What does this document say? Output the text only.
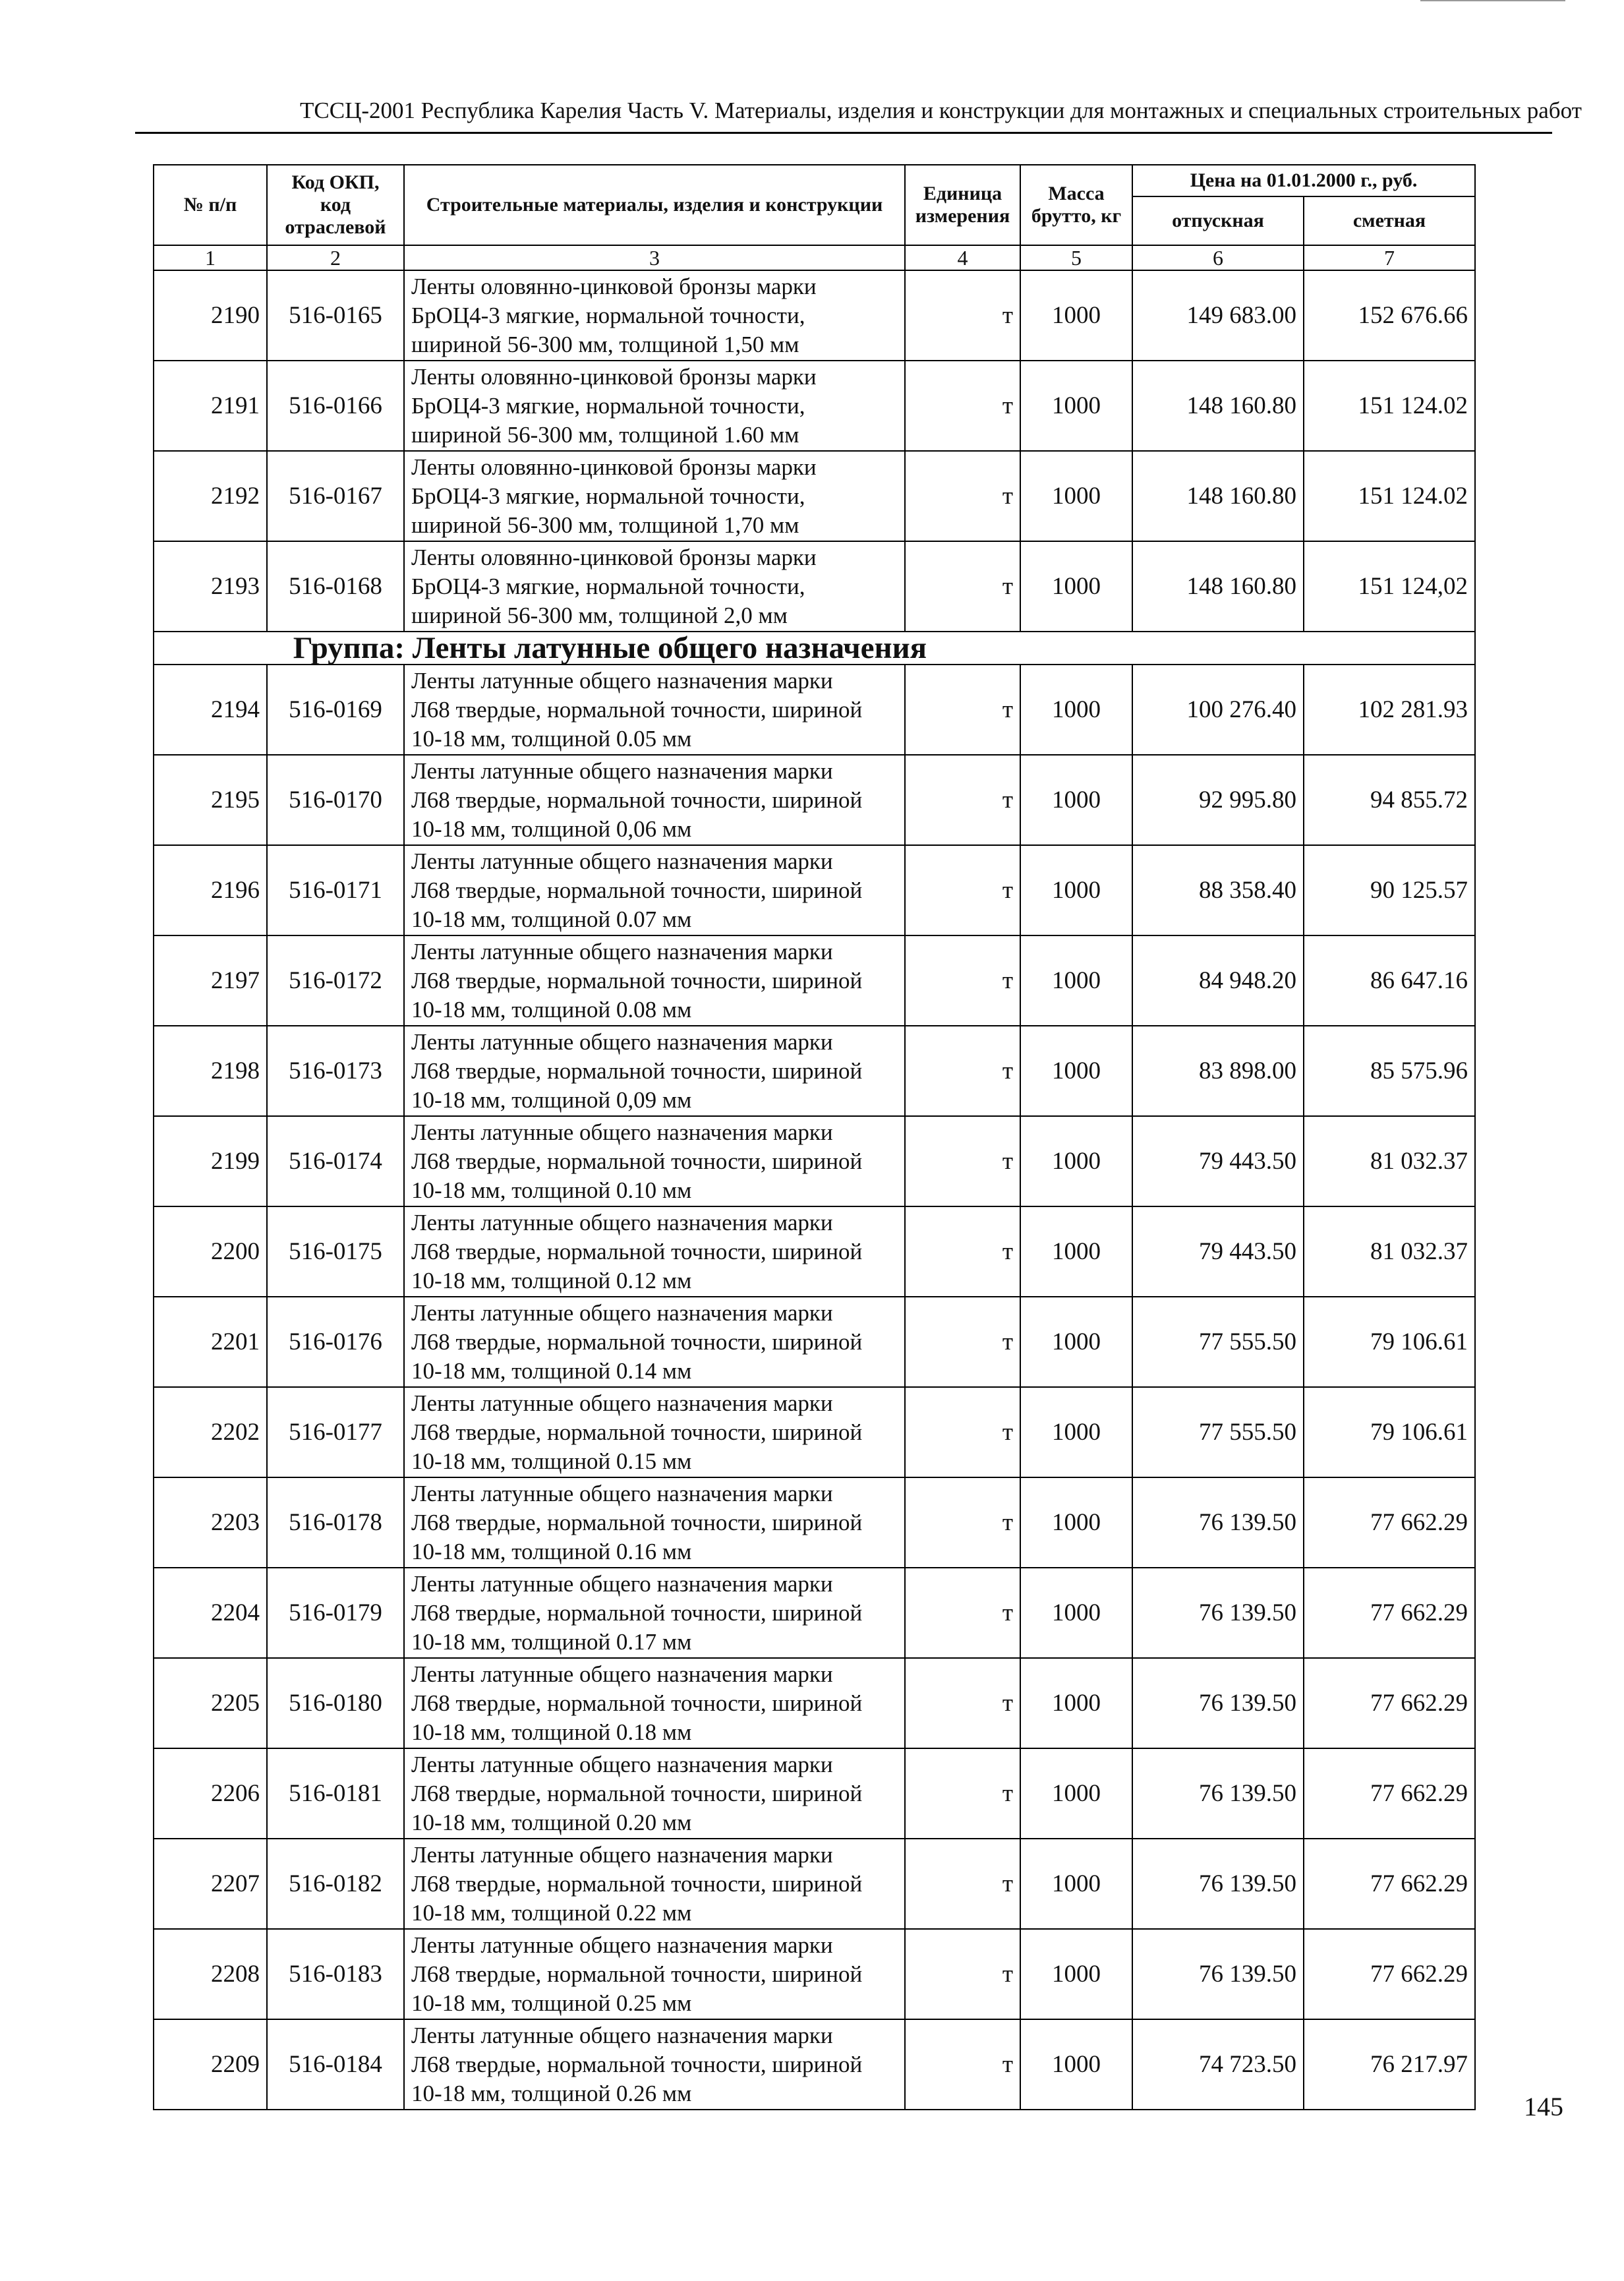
ТССЦ-2001 Республика Карелия Часть V. Материалы, изделия и конструкции для монтажных и специальных строительных работ
№ п/п	Код ОКП, код отраслевой	Строительные материалы, изделия и конструкции	Единица измерения	Масса брутто, кг	Цена на 01.01.2000 г., руб.	
					отпускная	сметная
1	2	3	4	5	6	7
2190	516-0165	Ленты оловянно-цинковой бронзы марки
БрОЦ4-3 мягкие, нормальной точности,
шириной 56-300 мм, толщиной 1,50 мм	т	1000	149 683.00	152 676.66
2191	516-0166	Ленты оловянно-цинковой бронзы марки
БрОЦ4-3 мягкие, нормальной точности,
шириной 56-300 мм, толщиной 1.60 мм	т	1000	148 160.80	151 124.02
2192	516-0167	Ленты оловянно-цинковой бронзы марки
БрОЦ4-3 мягкие, нормальной точности,
шириной 56-300 мм, толщиной 1,70 мм	т	1000	148 160.80	151 124.02
2193	516-0168	Ленты оловянно-цинковой бронзы марки
БрОЦ4-3 мягкие, нормальной точности,
шириной 56-300 мм, толщиной 2,0 мм	т	1000	148 160.80	151 124,02
Группа: Ленты латунные общего назначения						
2194	516-0169	Ленты латунные общего назначения марки
Л68 твердые, нормальной точности, шириной
10-18 мм, толщиной 0.05 мм	т	1000	100 276.40	102 281.93
2195	516-0170	Ленты латунные общего назначения марки
Л68 твердые, нормальной точности, шириной
10-18 мм, толщиной 0,06 мм	т	1000	92 995.80	94 855.72
2196	516-0171	Ленты латунные общего назначения марки
Л68 твердые, нормальной точности, шириной
10-18 мм, толщиной 0.07 мм	т	1000	88 358.40	90 125.57
2197	516-0172	Ленты латунные общего назначения марки
Л68 твердые, нормальной точности, шириной
10-18 мм, толщиной 0.08 мм	т	1000	84 948.20	86 647.16
2198	516-0173	Ленты латунные общего назначения марки
Л68 твердые, нормальной точности, шириной
10-18 мм, толщиной 0,09 мм	т	1000	83 898.00	85 575.96
2199	516-0174	Ленты латунные общего назначения марки
Л68 твердые, нормальной точности, шириной
10-18 мм, толщиной 0.10 мм	т	1000	79 443.50	81 032.37
2200	516-0175	Ленты латунные общего назначения марки
Л68 твердые, нормальной точности, шириной
10-18 мм, толщиной 0.12 мм	т	1000	79 443.50	81 032.37
2201	516-0176	Ленты латунные общего назначения марки
Л68 твердые, нормальной точности, шириной
10-18 мм, толщиной 0.14 мм	т	1000	77 555.50	79 106.61
2202	516-0177	Ленты латунные общего назначения марки
Л68 твердые, нормальной точности, шириной
10-18 мм, толщиной 0.15 мм	т	1000	77 555.50	79 106.61
2203	516-0178	Ленты латунные общего назначения марки
Л68 твердые, нормальной точности, шириной
10-18 мм, толщиной 0.16 мм	т	1000	76 139.50	77 662.29
2204	516-0179	Ленты латунные общего назначения марки
Л68 твердые, нормальной точности, шириной
10-18 мм, толщиной 0.17 мм	т	1000	76 139.50	77 662.29
2205	516-0180	Ленты латунные общего назначения марки
Л68 твердые, нормальной точности, шириной
10-18 мм, толщиной 0.18 мм	т	1000	76 139.50	77 662.29
2206	516-0181	Ленты латунные общего назначения марки
Л68 твердые, нормальной точности, шириной
10-18 мм, толщиной 0.20 мм	т	1000	76 139.50	77 662.29
2207	516-0182	Ленты латунные общего назначения марки
Л68 твердые, нормальной точности, шириной
10-18 мм, толщиной 0.22 мм	т	1000	76 139.50	77 662.29
2208	516-0183	Ленты латунные общего назначения марки
Л68 твердые, нормальной точности, шириной
10-18 мм, толщиной 0.25 мм	т	1000	76 139.50	77 662.29
2209	516-0184	Ленты латунные общего назначения марки
Л68 твердые, нормальной точности, шириной
10-18 мм, толщиной 0.26 мм	т	1000	74 723.50	76 217.97
145
